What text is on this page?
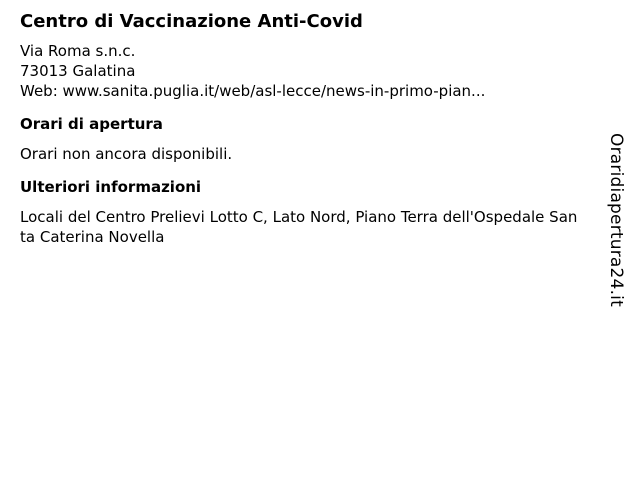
Centro di Vaccinazione Anti-Covid
Via Roma s.n.c.
73013 Galatina
Web: www.sanita.puglia.it/web/asl-lecce/news-in-primo-pian...
Orari di apertura
Orari non ancora disponibili.
Ulteriori informazioni
Locali del Centro Prelievi Lotto C, Lato Nord, Piano Terra dell'Ospedale Santa Caterina Novella	Oraridiapertura24.it
